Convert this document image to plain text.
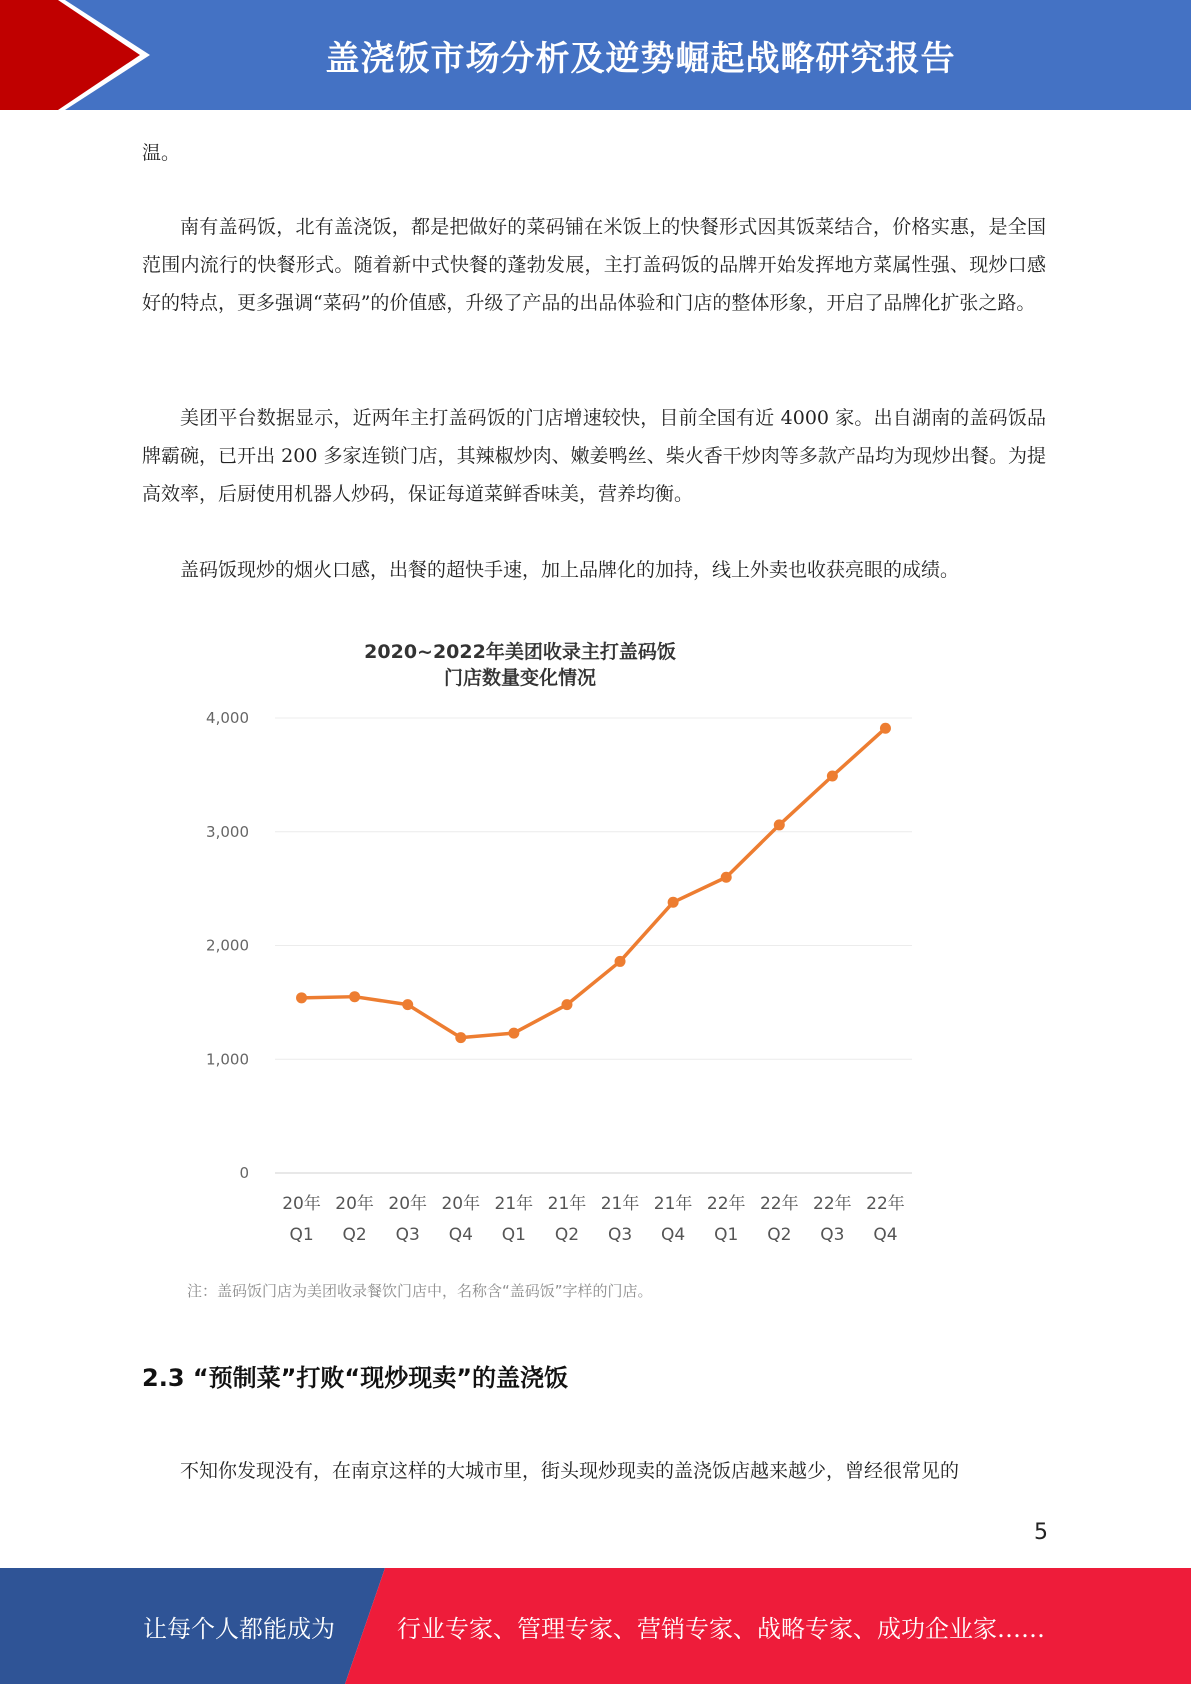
盖浇饭市场分析及逆势崛起战略研究报告

温。

南有盖码饭，北有盖浇饭，都是把做好的菜码铺在米饭上的快餐形式因其饭菜结合，价格实惠，是全国范围内流行的快餐形式。随着新中式快餐的蓬勃发展，主打盖码饭的品牌开始发挥地方菜属性强、现炒口感好的特点，更多强调“菜码”的价值感，升级了产品的出品体验和门店的整体形象，开启了品牌化扩张之路。

美团平台数据显示，近两年主打盖码饭的门店增速较快，目前全国有近 4000 家。出自湖南的盖码饭品牌霸碗，已开出 200 多家连锁门店，其辣椒炒肉、嫩姜鸭丝、柴火香干炒肉等多款产品均为现炒出餐。为提高效率，后厨使用机器人炒码，保证每道菜鲜香味美，营养均衡。

盖码饭现炒的烟火口感，出餐的超快手速，加上品牌化的加持，线上外卖也收获亮眼的成绩。

2020~2022年美团收录主打盖码饭
门店数量变化情况
0
1,000
2,000
3,000
4,000
20年
Q1
20年
Q2
20年
Q3
20年
Q4
21年
Q1
21年
Q2
21年
Q3
21年
Q4
22年
Q1
22年
Q2
22年
Q3
22年
Q4
注：盖码饭门店为美团收录餐饮门店中，名称含“盖码饭”字样的门店。
2.3 “预制菜”打败“现炒现卖”的盖浇饭

不知你发现没有，在南京这样的大城市里，街头现炒现卖的盖浇饭店越来越少，曾经很常见的

5
让每个人都能成为	行业专家、管理专家、营销专家、战略专家、成功企业家……
